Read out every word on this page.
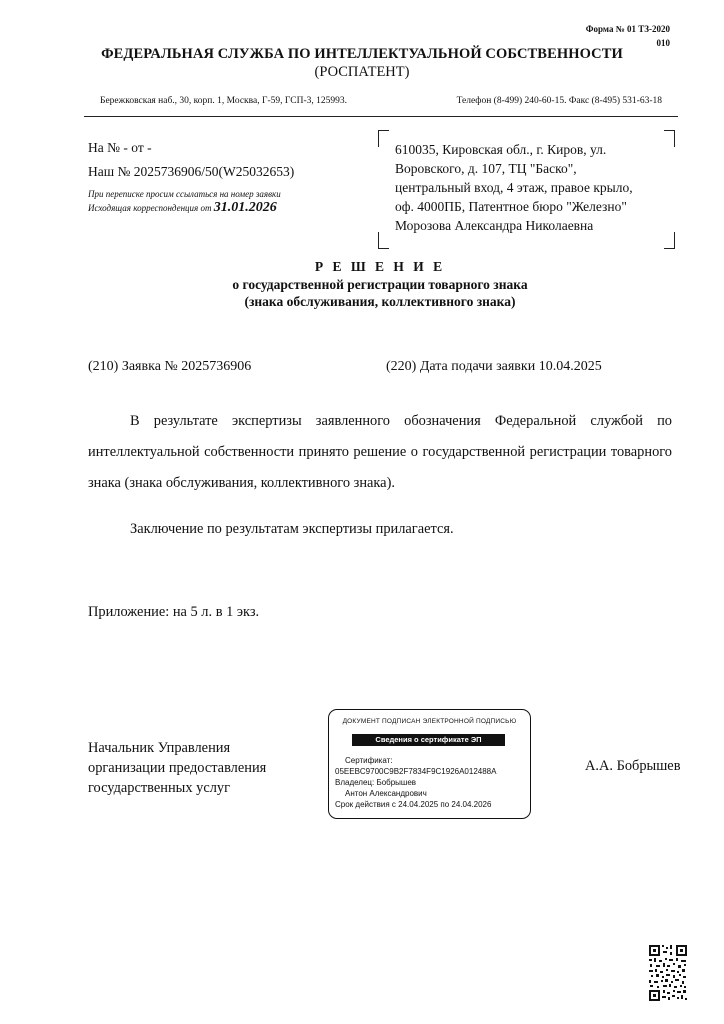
Форма № 01 ТЗ-2020
010
ФЕДЕРАЛЬНАЯ СЛУЖБА ПО ИНТЕЛЛЕКТУАЛЬНОЙ СОБСТВЕННОСТИ
(РОСПАТЕНТ)
Бережковская наб., 30, корп. 1, Москва, Г-59, ГСП-3, 125993.	Телефон (8-499) 240-60-15. Факс (8-495) 531-63-18
На № - от -
Наш № 2025736906/50(W25032653)
При переписке просим ссылаться на номер заявки
Исходящая корреспонденция от 31.01.2026
610035, Кировская обл., г. Киров, ул.
Воровского, д. 107, ТЦ "Баско",
центральный вход, 4 этаж, правое крыло,
оф. 4000ПБ, Патентное бюро "Железно"
Морозова Александра Николаевна
Р Е Ш Е Н И Е
о государственной регистрации товарного знака
(знака обслуживания, коллективного знака)
(210) Заявка № 2025736906	(220) Дата подачи заявки 10.04.2025
В результате экспертизы заявленного обозначения Федеральной службой по интеллектуальной собственности принято решение о государственной регистрации товарного знака (знака обслуживания, коллективного знака).
Заключение по результатам экспертизы прилагается.
Приложение: на 5 л. в 1 экз.
Начальник Управления
организации предоставления
государственных услуг
ДОКУМЕНТ ПОДПИСАН ЭЛЕКТРОННОЙ ПОДПИСЬЮ
Сведения о сертификате ЭП
Сертификат:
05EEBC9700C9B2F7834F9C1926A012488A
Владелец: Бобрышев
Антон Александрович
Срок действия с 24.04.2025 по 24.04.2026
А.А. Бобрышев
